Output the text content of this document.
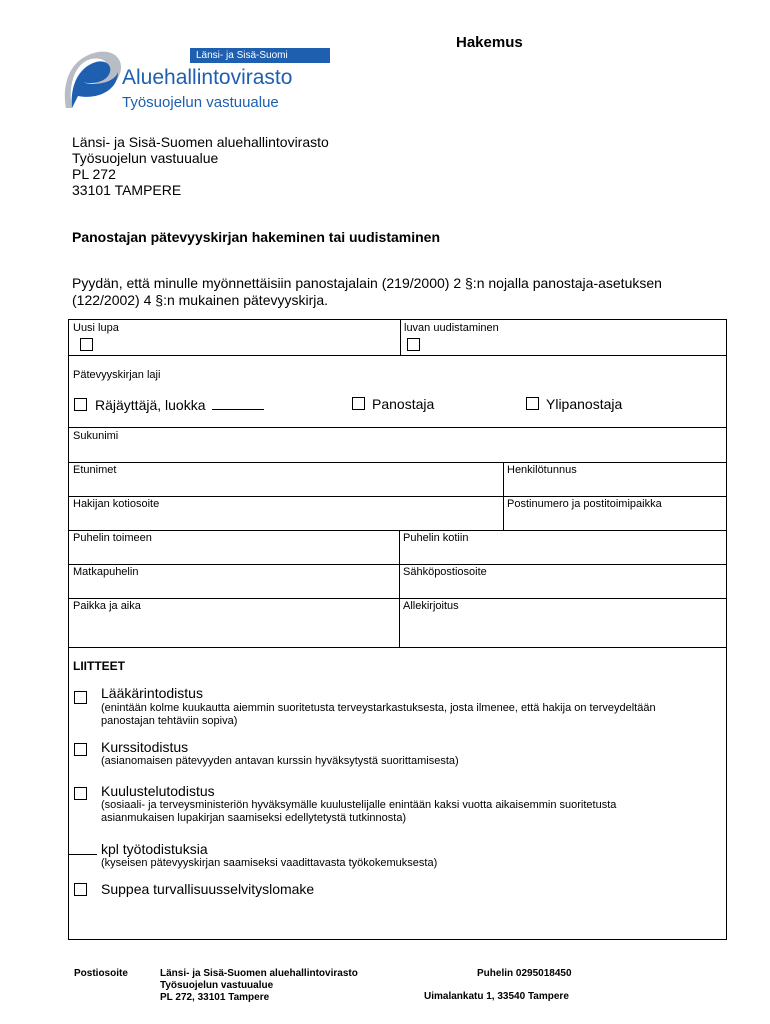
Hakemus
Länsi- ja Sisä-Suomi
Aluehallintovirasto
Työsuojelun vastuualue
Länsi- ja Sisä-Suomen aluehallintovirasto
Työsuojelun vastuualue
PL 272
33101 TAMPERE
Panostajan pätevyyskirjan hakeminen tai uudistaminen
Pyydän, että minulle myönnettäisiin panostajalain (219/2000) 2 §:n nojalla panostaja-asetuksen (122/2002) 4 §:n mukainen pätevyyskirja.
Uusi lupa	luvan uudistaminen
Pätevyyskirjan laji
Räjäyttäjä, luokka	Panostaja	Ylipanostaja
Sukunimi
Etunimet	Henkilötunnus
Hakijan kotiosoite	Postinumero ja postitoimipaikka
Puhelin toimeen	Puhelin kotiin
Matkapuhelin	Sähköpostiosoite
Paikka ja aika	Allekirjoitus
LIITTEET
Lääkärintodistus
(enintään kolme kuukautta aiemmin suoritetusta terveystarkastuksesta, josta ilmenee, että hakija on terveydeltään panostajan tehtäviin sopiva)
Kurssitodistus
(asianomaisen pätevyyden antavan kurssin hyväksytystä suorittamisesta)
Kuulustelutodistus
(sosiaali- ja terveysministeriön hyväksymälle kuulustelijalle enintään kaksi vuotta aikaisemmin suoritetusta asianmukaisen lupakirjan saamiseksi edellytetystä tutkinnosta)
kpl työtodistuksia
(kyseisen pätevyyskirjan saamiseksi vaadittavasta työkokemuksesta)
Suppea turvallisuusselvityslomake
Postiosoite	Länsi- ja Sisä-Suomen aluehallintovirasto
Työsuojelun vastuualue
PL 272, 33101 Tampere
Puhelin 0295018450
Uimalankatu 1, 33540 Tampere
